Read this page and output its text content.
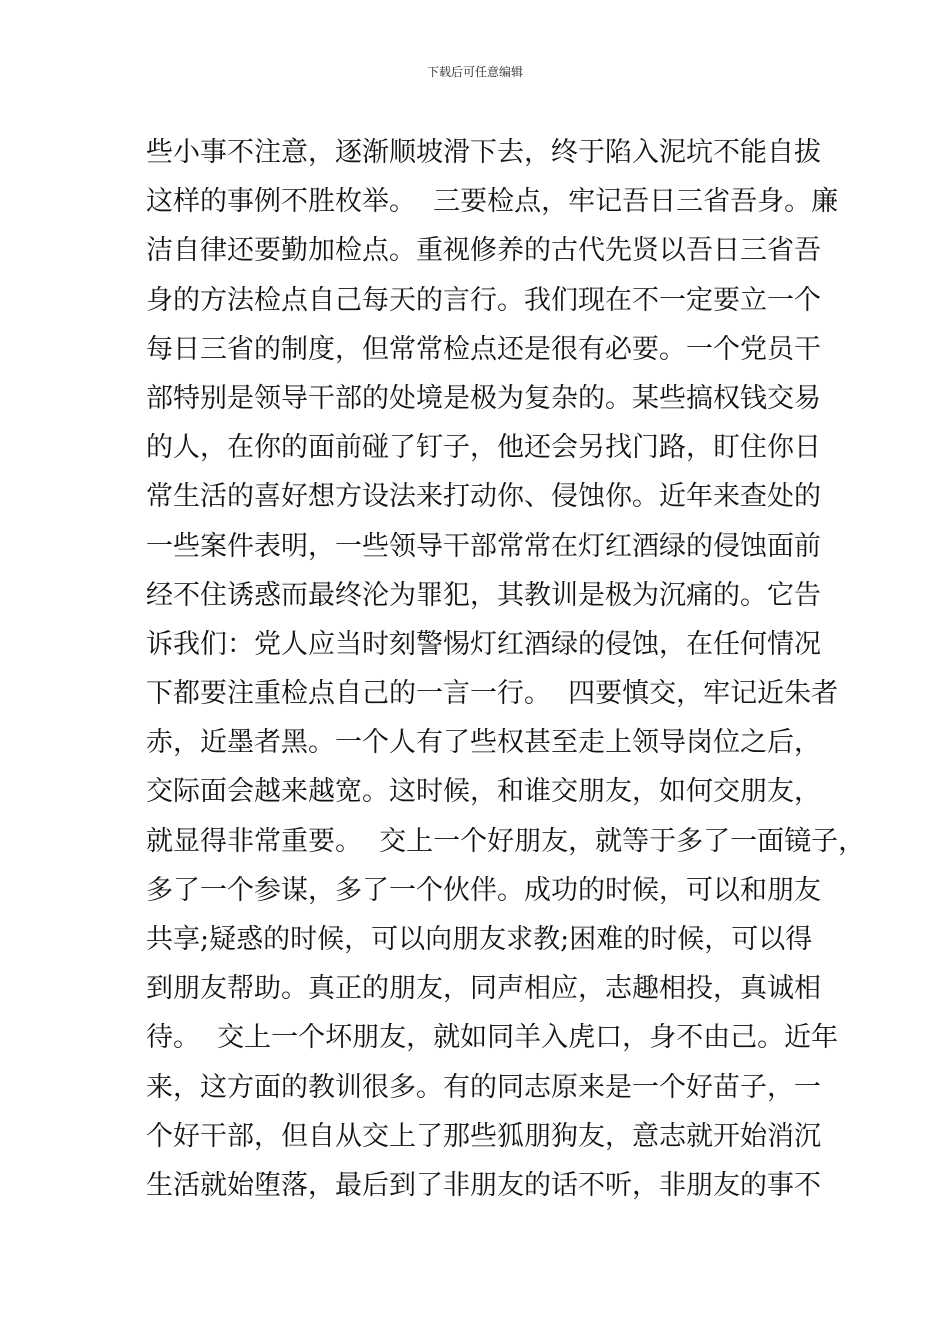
下载后可任意编辑
些小事不注意，逐渐顺坡滑下去，终于陷入泥坑不能自拔
这样的事例不胜枚举。  三要检点，牢记吾日三省吾身。廉
洁自律还要勤加检点。重视修养的古代先贤以吾日三省吾
身的方法检点自己每天的言行。我们现在不一定要立一个
每日三省的制度，但常常检点还是很有必要。一个党员干
部特别是领导干部的处境是极为复杂的。某些搞权钱交易
的人，在你的面前碰了钉子，他还会另找门路，盯住你日
常生活的喜好想方设法来打动你、侵蚀你。近年来查处的
一些案件表明，一些领导干部常常在灯红酒绿的侵蚀面前
经不住诱惑而最终沦为罪犯，其教训是极为沉痛的。它告
诉我们：党人应当时刻警惕灯红酒绿的侵蚀，在任何情况
下都要注重检点自己的一言一行。  四要慎交，牢记近朱者
赤，近墨者黑。一个人有了些权甚至走上领导岗位之后，
交际面会越来越宽。这时候，和谁交朋友，如何交朋友，
就显得非常重要。  交上一个好朋友，就等于多了一面镜子，
多了一个参谋，多了一个伙伴。成功的时候，可以和朋友
共享;疑惑的时候，可以向朋友求教;困难的时候，可以得
到朋友帮助。真正的朋友，同声相应，志趣相投，真诚相
待。  交上一个坏朋友，就如同羊入虎口，身不由己。近年
来，这方面的教训很多。有的同志原来是一个好苗子，一
个好干部，但自从交上了那些狐朋狗友，意志就开始消沉
生活就始堕落，最后到了非朋友的话不听，非朋友的事不
